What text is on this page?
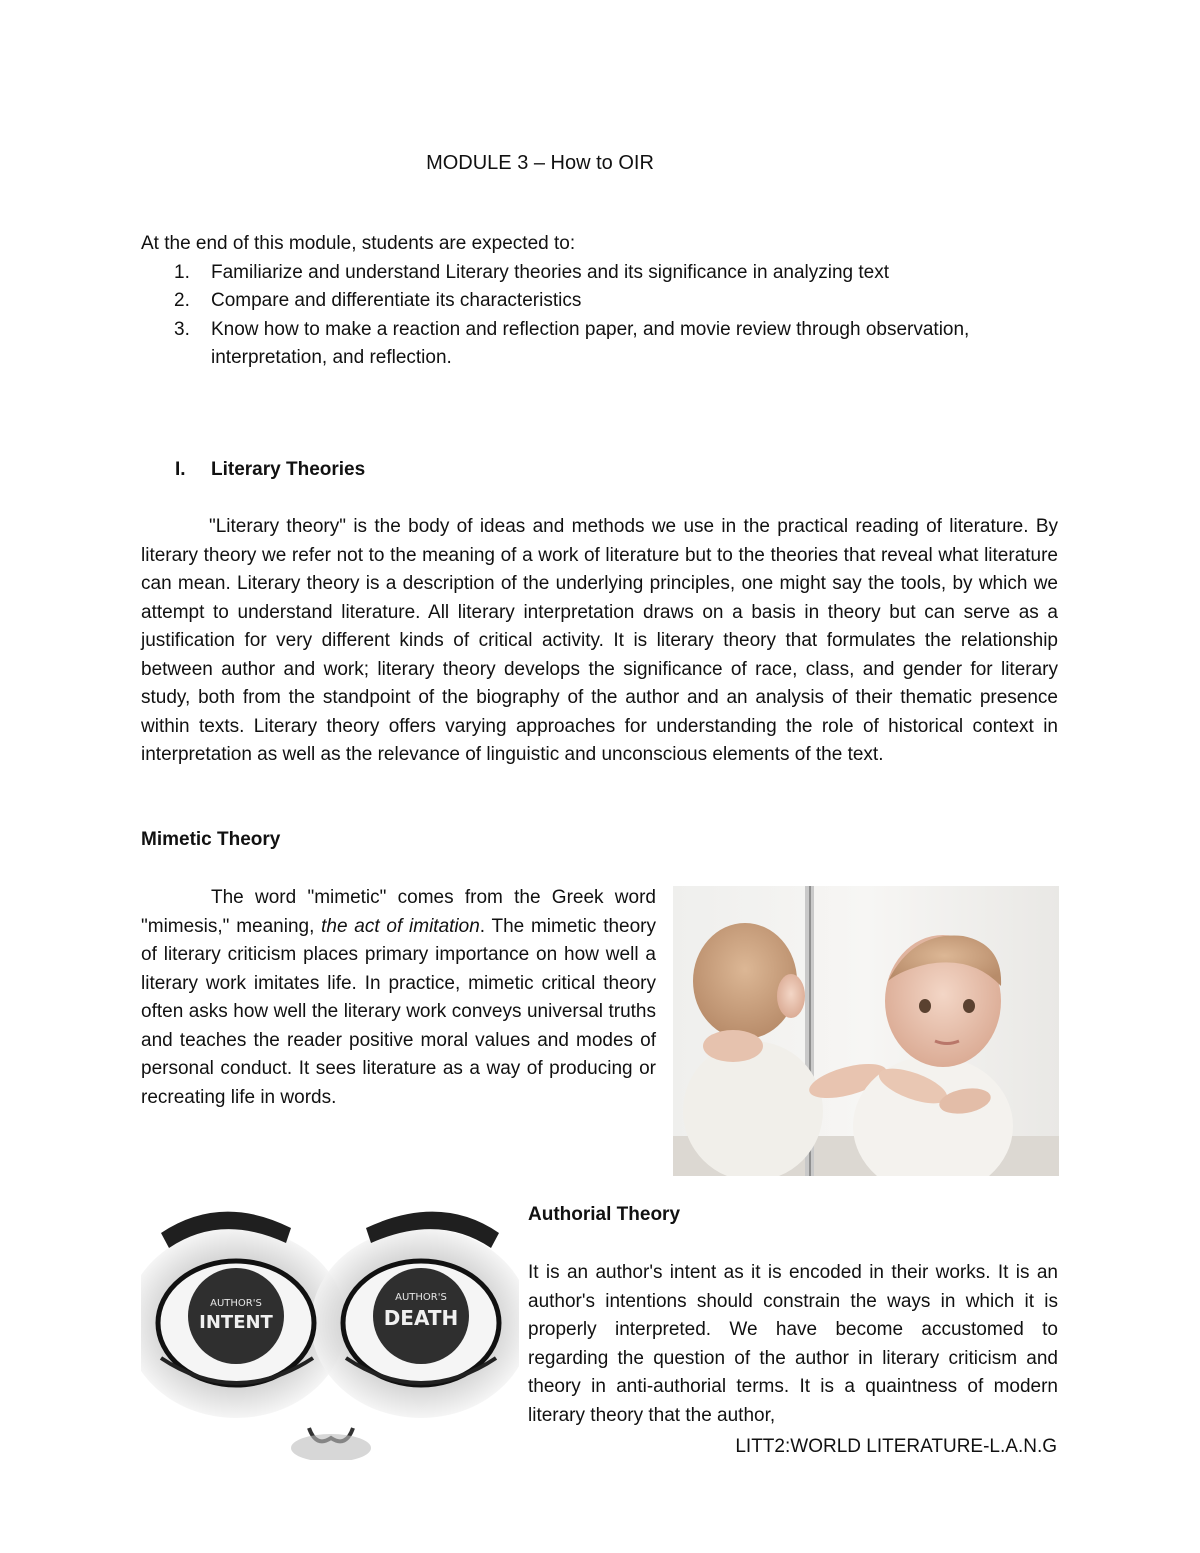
MODULE 3 – How to OIR
At the end of this module, students are expected to:
1. Familiarize and understand Literary theories and its significance in analyzing text
2. Compare and differentiate its characteristics
3. Know how to make a reaction and reflection paper, and movie review through observation, interpretation, and reflection.
I. Literary Theories

"Literary theory" is the body of ideas and methods we use in the practical reading of literature. By literary theory we refer not to the meaning of a work of literature but to the theories that reveal what literature can mean. Literary theory is a description of the underlying principles, one might say the tools, by which we attempt to understand literature. All literary interpretation draws on a basis in theory but can serve as a justification for very different kinds of critical activity. It is literary theory that formulates the relationship between author and work; literary theory develops the significance of race, class, and gender for literary study, both from the standpoint of the biography of the author and an analysis of their thematic presence within texts. Literary theory offers varying approaches for understanding the role of historical context in interpretation as well as the relevance of linguistic and unconscious elements of the text.

Mimetic Theory

The word "mimetic" comes from the Greek word "mimesis," meaning, the act of imitation. The mimetic theory of literary criticism places primary importance on how well a literary work imitates life. In practice, mimetic critical theory often asks how well the literary work conveys universal truths and teaches the reader positive moral values and modes of personal conduct. It sees literature as a way of producing or recreating life in words.

AUTHOR'S
INTENT
AUTHOR'S
DEATH
Authorial Theory

It is an author's intent as it is encoded in their works. It is an author's intentions should constrain the ways in which it is properly interpreted. We have become accustomed to regarding the question of the author in literary criticism and theory in anti-authorial terms. It is a quaintness of modern literary theory that the author,

LITT2:WORLD LITERATURE-L.A.N.G
